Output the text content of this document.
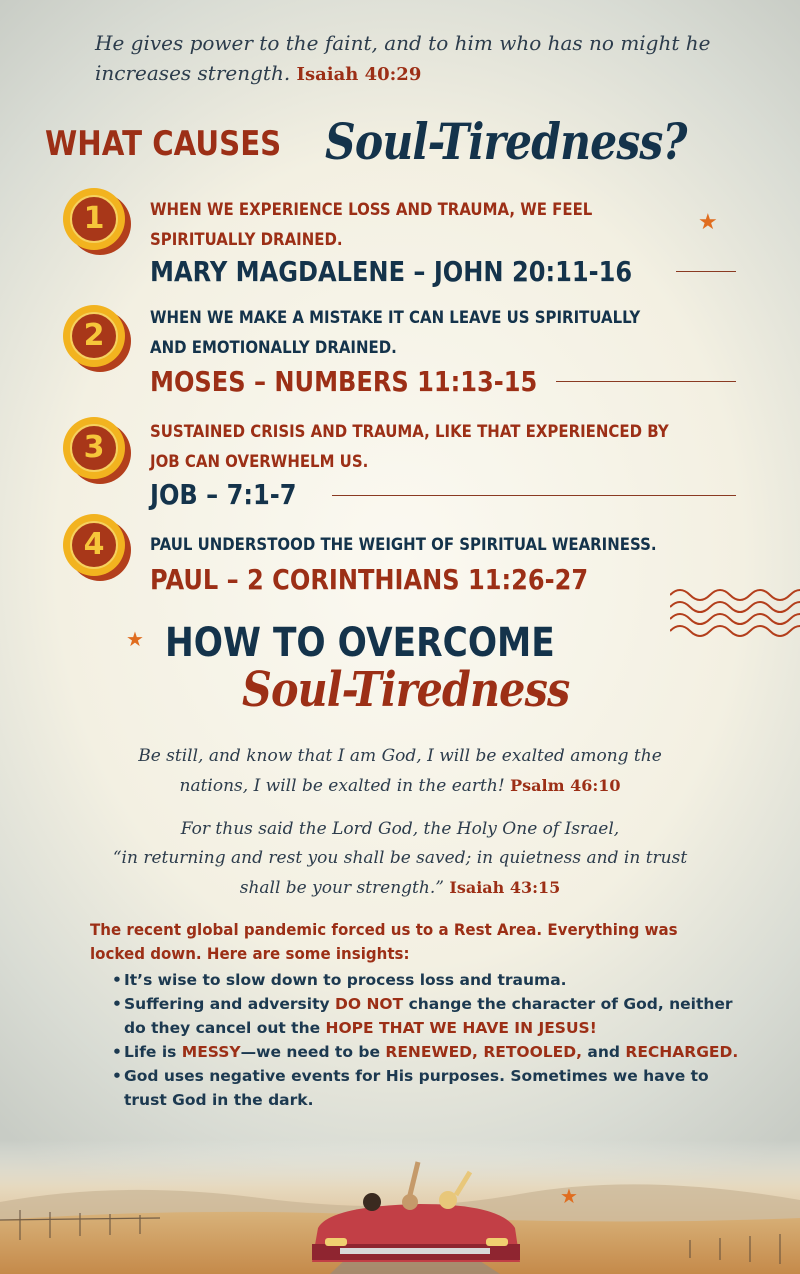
He gives power to the faint, and to him who has no might he increases strength. Isaiah 40:29
WHAT CAUSES Soul-Tiredness?
★
1	WHEN WE EXPERIENCE LOSS AND TRAUMA, WE FEEL
SPIRITUALLY DRAINED.
MARY MAGDALENE – JOHN 20:11-16
2	WHEN WE MAKE A MISTAKE IT CAN LEAVE US SPIRITUALLY
AND EMOTIONALLY DRAINED.
MOSES – NUMBERS 11:13-15
3	SUSTAINED CRISIS AND TRAUMA, LIKE THAT EXPERIENCED BY
JOB CAN OVERWHELM US.
JOB – 7:1-7
4	PAUL UNDERSTOOD THE WEIGHT OF SPIRITUAL WEARINESS.
PAUL – 2 CORINTHIANS 11:26-27
★ HOW TO OVERCOME
Soul-Tiredness
Be still, and know that I am God, I will be exalted among the
nations, I will be exalted in the earth! Psalm 46:10
For thus said the Lord God, the Holy One of Israel,
“in returning and rest you shall be saved; in quietness and in trust
shall be your strength.” Isaiah 43:15
The recent global pandemic forced us to a Rest Area. Everything was locked down. Here are some insights:
• It’s wise to slow down to process loss and trauma.
• Suffering and adversity DO NOT change the character of God, neither do they cancel out the HOPE THAT WE HAVE IN JESUS!
• Life is MESSY—we need to be RENEWED, RETOOLED, and RECHARGED.
• God uses negative events for His purposes. Sometimes we have to trust God in the dark.
★
